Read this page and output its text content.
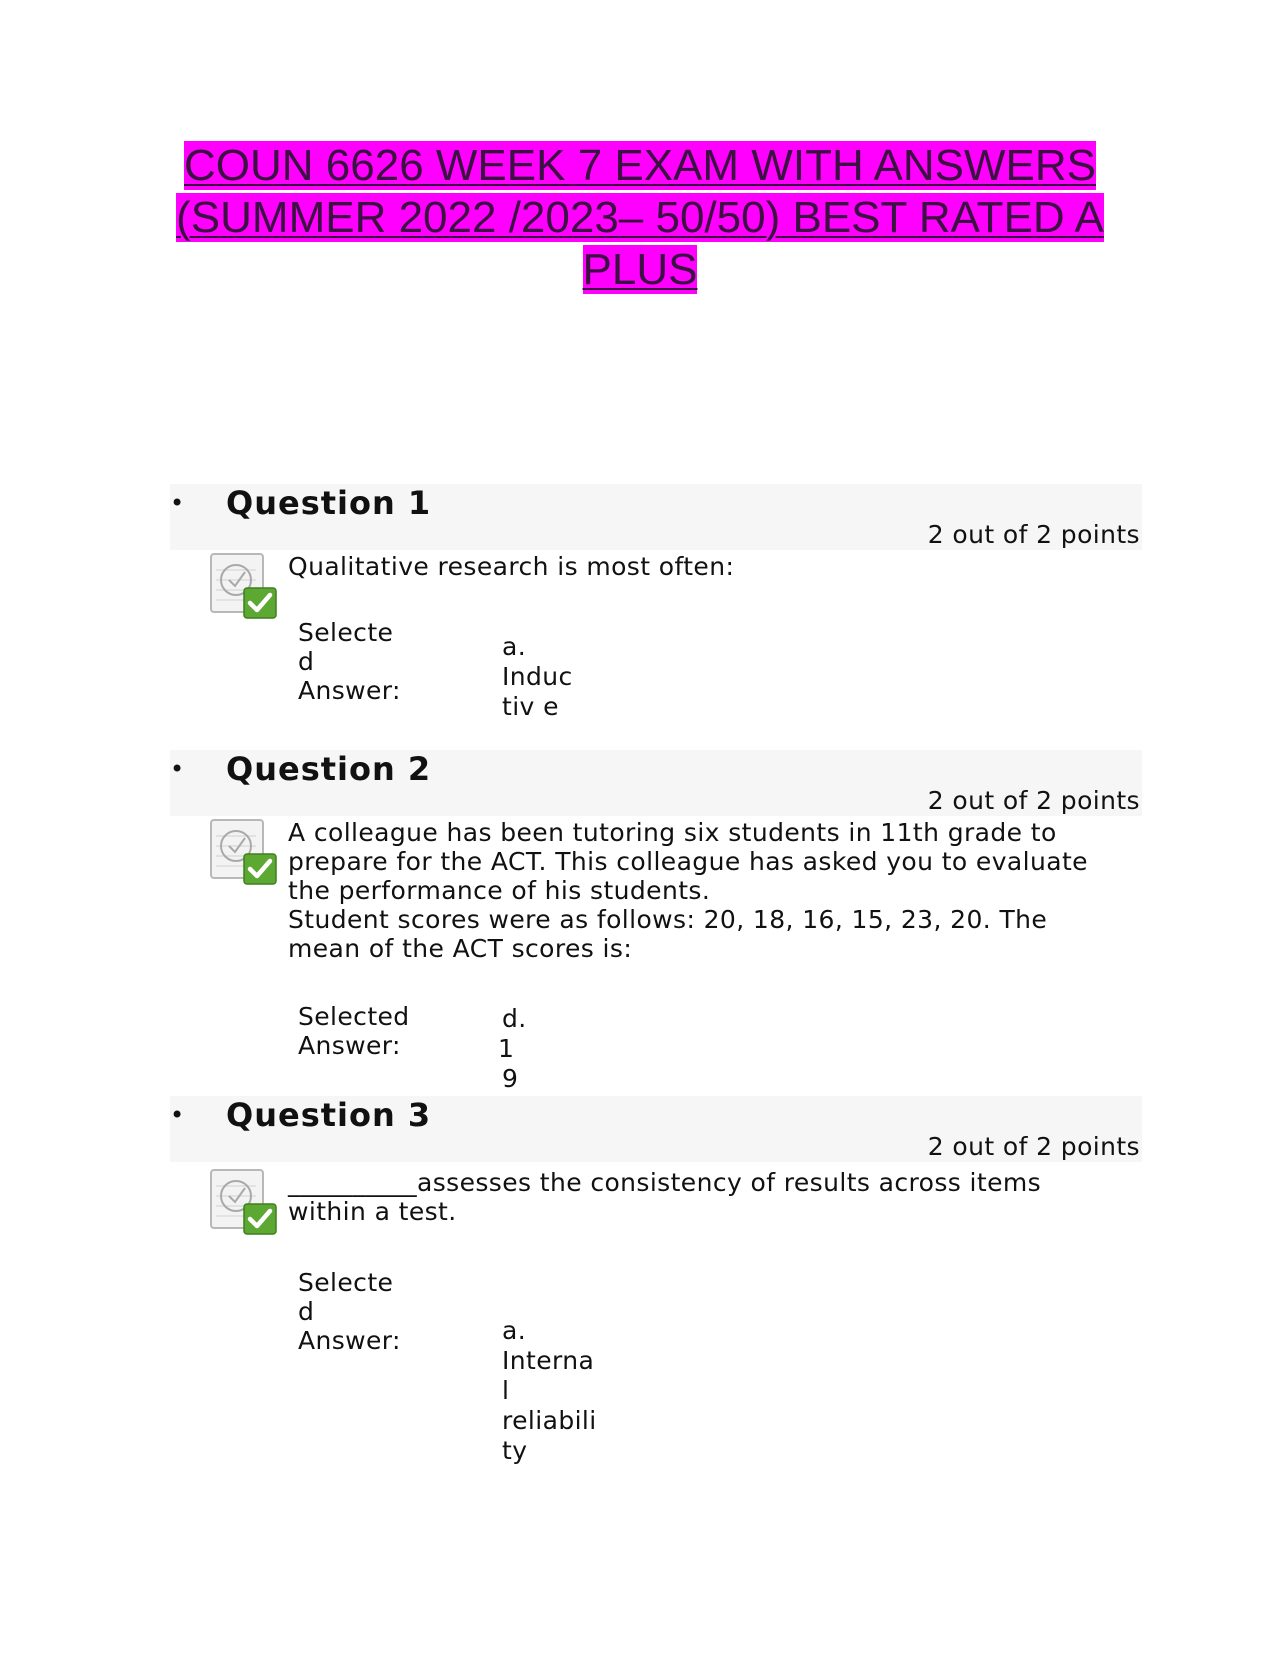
COUN 6626 WEEK 7 EXAM WITH ANSWERS
(SUMMER 2022 /2023– 50/50) BEST RATED A
PLUS
• Question 1
2 out of 2 points
Qualitative research is most often:
Selecte
d
Answer:
a.
Induc
tiv e
• Question 2
2 out of 2 points
A colleague has been tutoring six students in 11th grade to
prepare for the ACT. This colleague has asked you to evaluate
the performance of his students.
Student scores were as follows: 20, 18, 16, 15, 23, 20. The
mean of the ACT scores is:
Selected
Answer:
d.
1
9
• Question 3
2 out of 2 points
__________assesses the consistency of results across items
within a test.
Selecte
d
Answer:	a.
Interna
l
reliabili
ty
